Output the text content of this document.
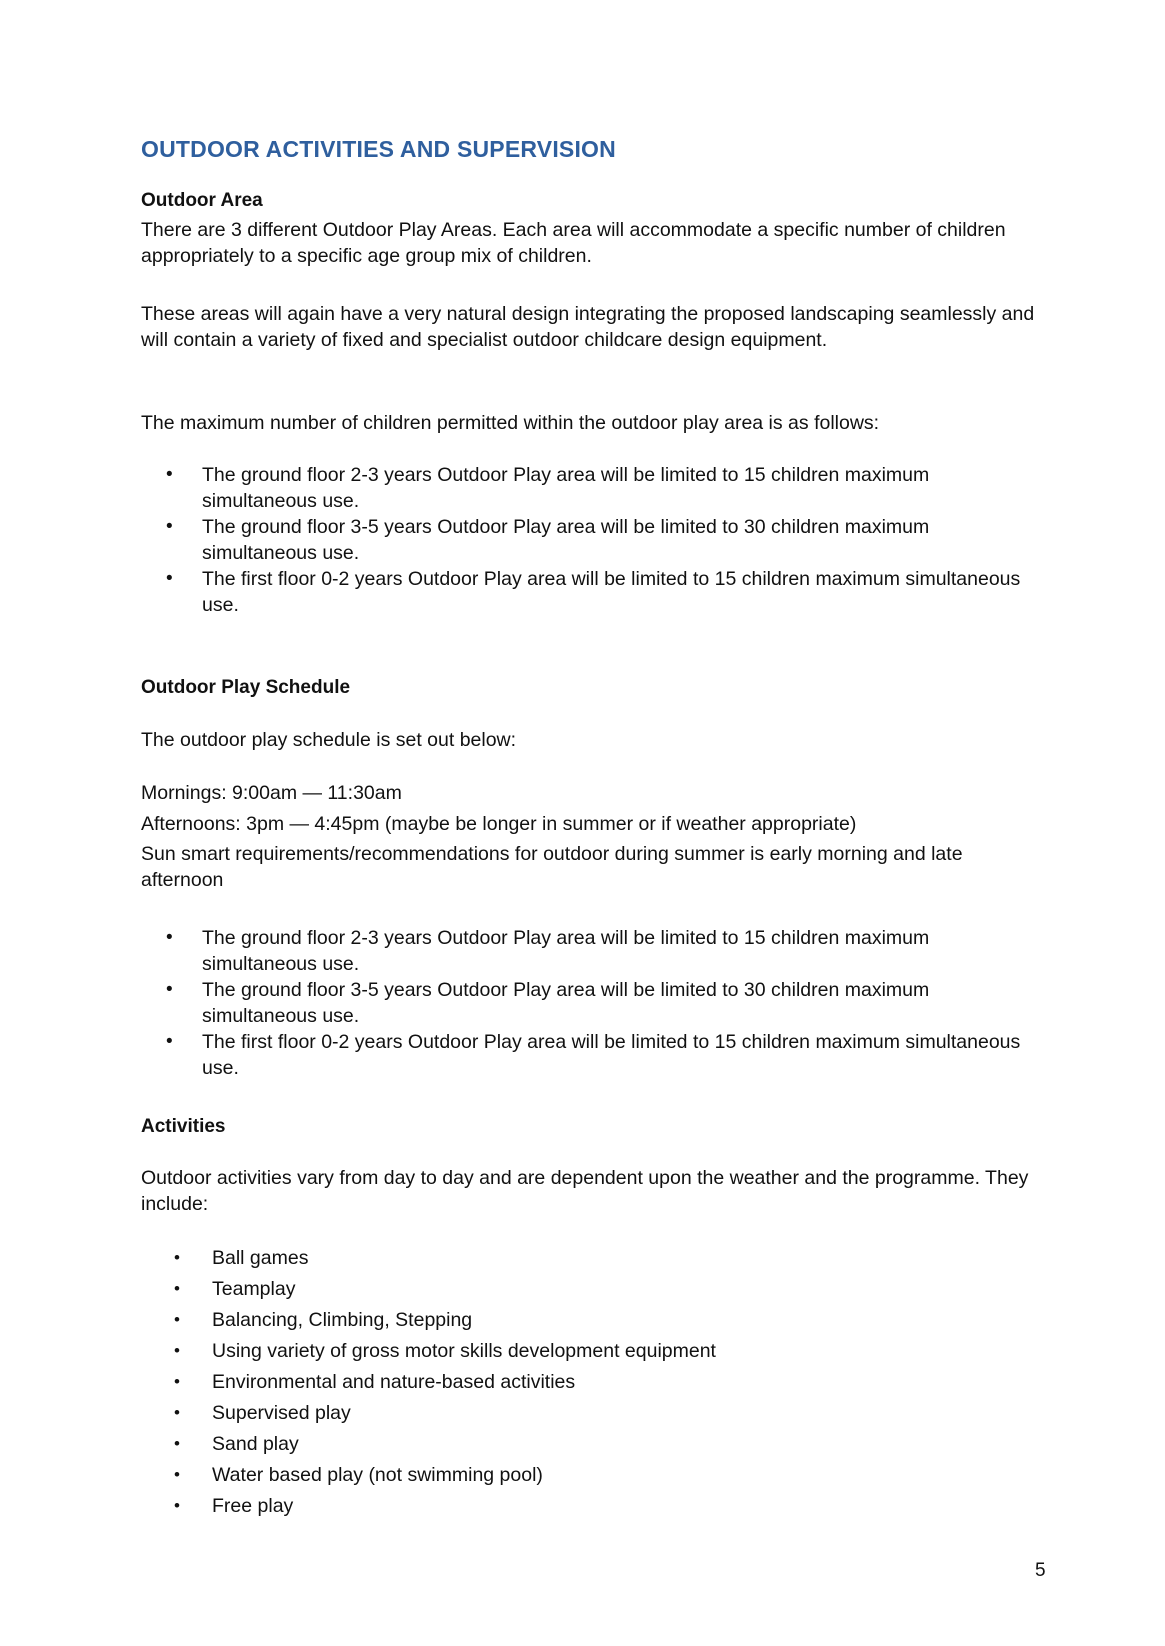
OUTDOOR ACTIVITIES AND SUPERVISION
Outdoor Area
There are 3 different Outdoor Play Areas. Each area will accommodate a specific number of children appropriately to a specific age group mix of children.
These areas will again have a very natural design integrating the proposed landscaping seamlessly and will contain a variety of fixed and specialist outdoor childcare design equipment.
The maximum number of children permitted within the outdoor play area is as follows:
• The ground floor 2-3 years Outdoor Play area will be limited to 15 children maximum simultaneous use.
• The ground floor 3-5 years Outdoor Play area will be limited to 30 children maximum simultaneous use.
• The first floor 0-2 years Outdoor Play area will be limited to 15 children maximum simultaneous use.
Outdoor Play Schedule
The outdoor play schedule is set out below:
Mornings: 9:00am — 11:30am
Afternoons: 3pm — 4:45pm (maybe be longer in summer or if weather appropriate)
Sun smart requirements/recommendations for outdoor during summer is early morning and late afternoon
• The ground floor 2-3 years Outdoor Play area will be limited to 15 children maximum simultaneous use.
• The ground floor 3-5 years Outdoor Play area will be limited to 30 children maximum simultaneous use.
• The first floor 0-2 years Outdoor Play area will be limited to 15 children maximum simultaneous use.
Activities
Outdoor activities vary from day to day and are dependent upon the weather and the programme. They include:
• Ball games
• Teamplay
• Balancing, Climbing, Stepping
• Using variety of gross motor skills development equipment
• Environmental and nature-based activities
• Supervised play
• Sand play
• Water based play (not swimming pool)
• Free play
5
